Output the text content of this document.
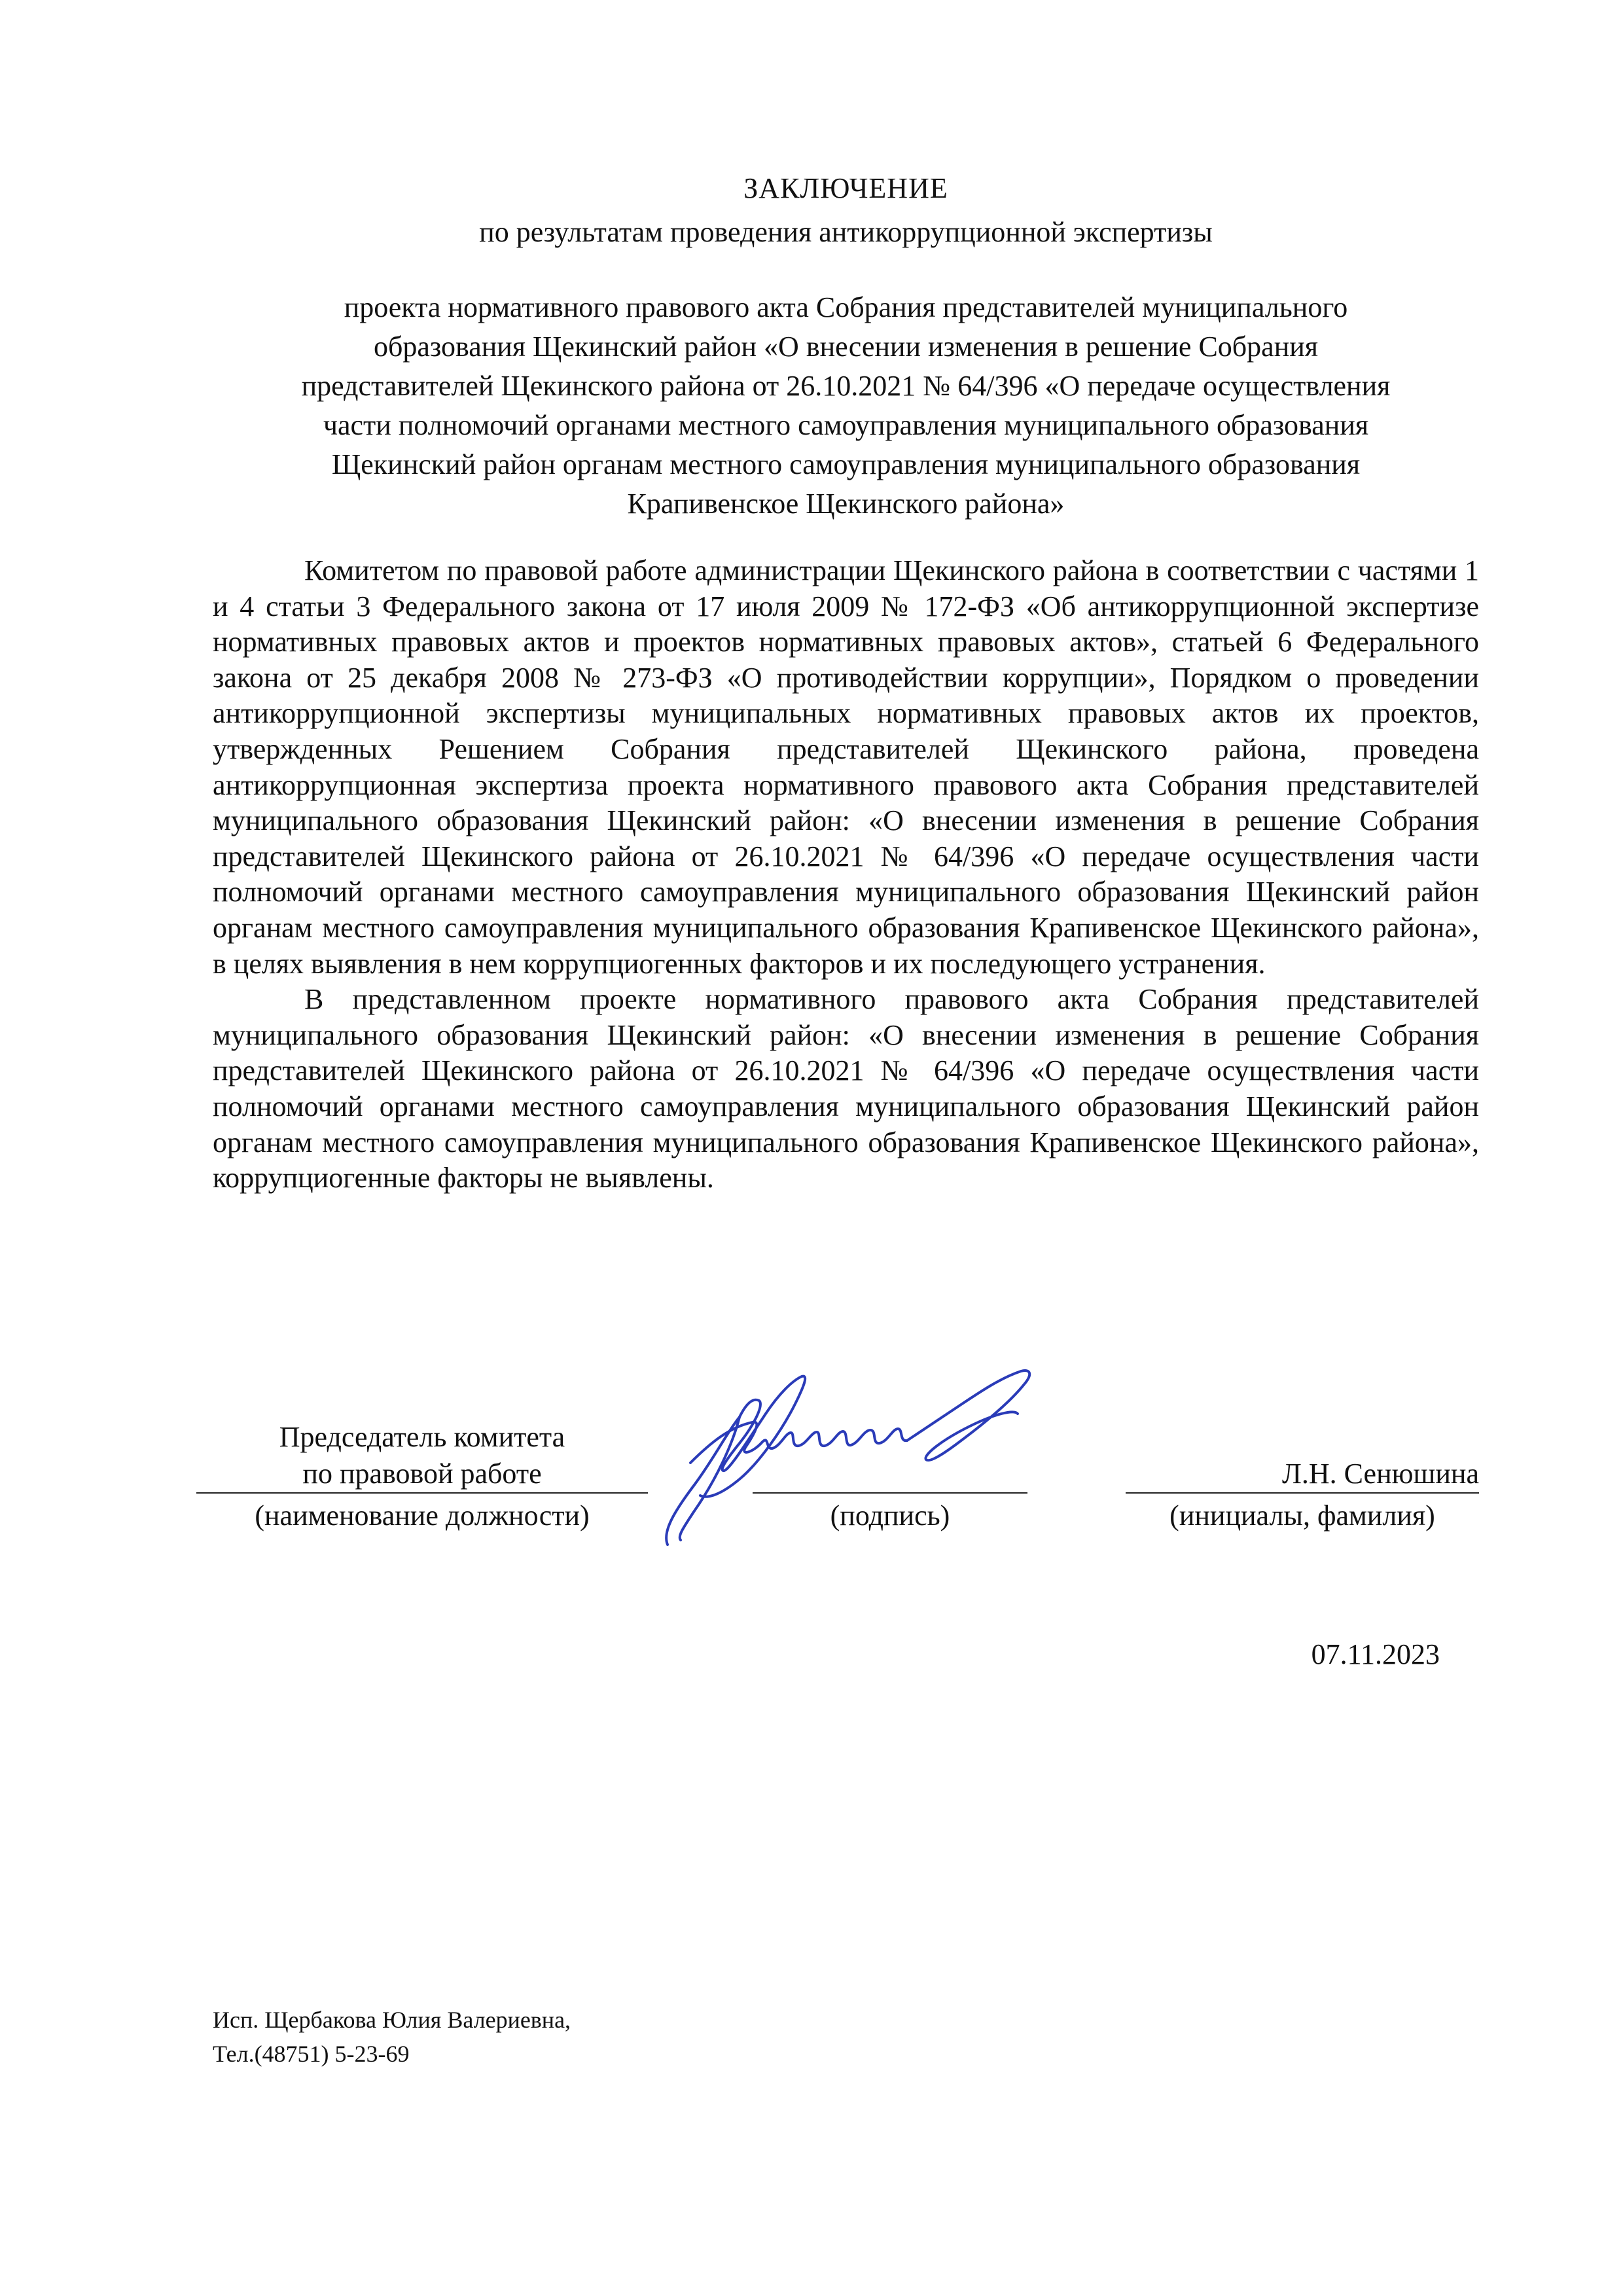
ЗАКЛЮЧЕНИЕ
по результатам проведения антикоррупционной экспертизы
проекта нормативного правового акта Собрания представителей муниципального
образования Щекинский район «О внесении изменения в решение Собрания
представителей Щекинского района от 26.10.2021 № 64/396 «О передаче осуществления
части полномочий органами местного самоуправления муниципального образования
Щекинский район органам местного самоуправления муниципального образования
Крапивенское Щекинского района»

Комитетом по правовой работе администрации Щекинского района в соответствии с частями 1 и 4 статьи 3 Федерального закона от 17 июля 2009 № 172-ФЗ «Об антикоррупционной экспертизе нормативных правовых актов и проектов нормативных правовых актов», статьей 6 Федерального закона от 25 декабря 2008 № 273-ФЗ «О противодействии коррупции», Порядком о проведении антикоррупционной экспертизы муниципальных нормативных правовых актов их проектов, утвержденных Решением Собрания представителей Щекинского района, проведена антикоррупционная экспертиза проекта нормативного правового акта Собрания представителей муниципального образования Щекинский район: «О внесении изменения в решение Собрания представителей Щекинского района от 26.10.2021 № 64/396 «О передаче осуществления части полномочий органами местного самоуправления муниципального образования Щекинский район органам местного самоуправления муниципального образования Крапивенское Щекинского района», в целях выявления в нем коррупциогенных факторов и их последующего устранения.

В представленном проекте нормативного правового акта Собрания представителей муниципального образования Щекинский район: «О внесении изменения в решение Собрания представителей Щекинского района от 26.10.2021 № 64/396 «О передаче осуществления части полномочий органами местного самоуправления муниципального образования Щекинский район органам местного самоуправления муниципального образования Крапивенское Щекинского района», коррупциогенные факторы не выявлены.

Председатель комитета
по правовой работе
(наименование должности)	(подпись)
Л.Н. Сенюшина
(инициалы, фамилия)
07.11.2023
Исп. Щербакова Юлия Валериевна,
Тел.(48751) 5-23-69
